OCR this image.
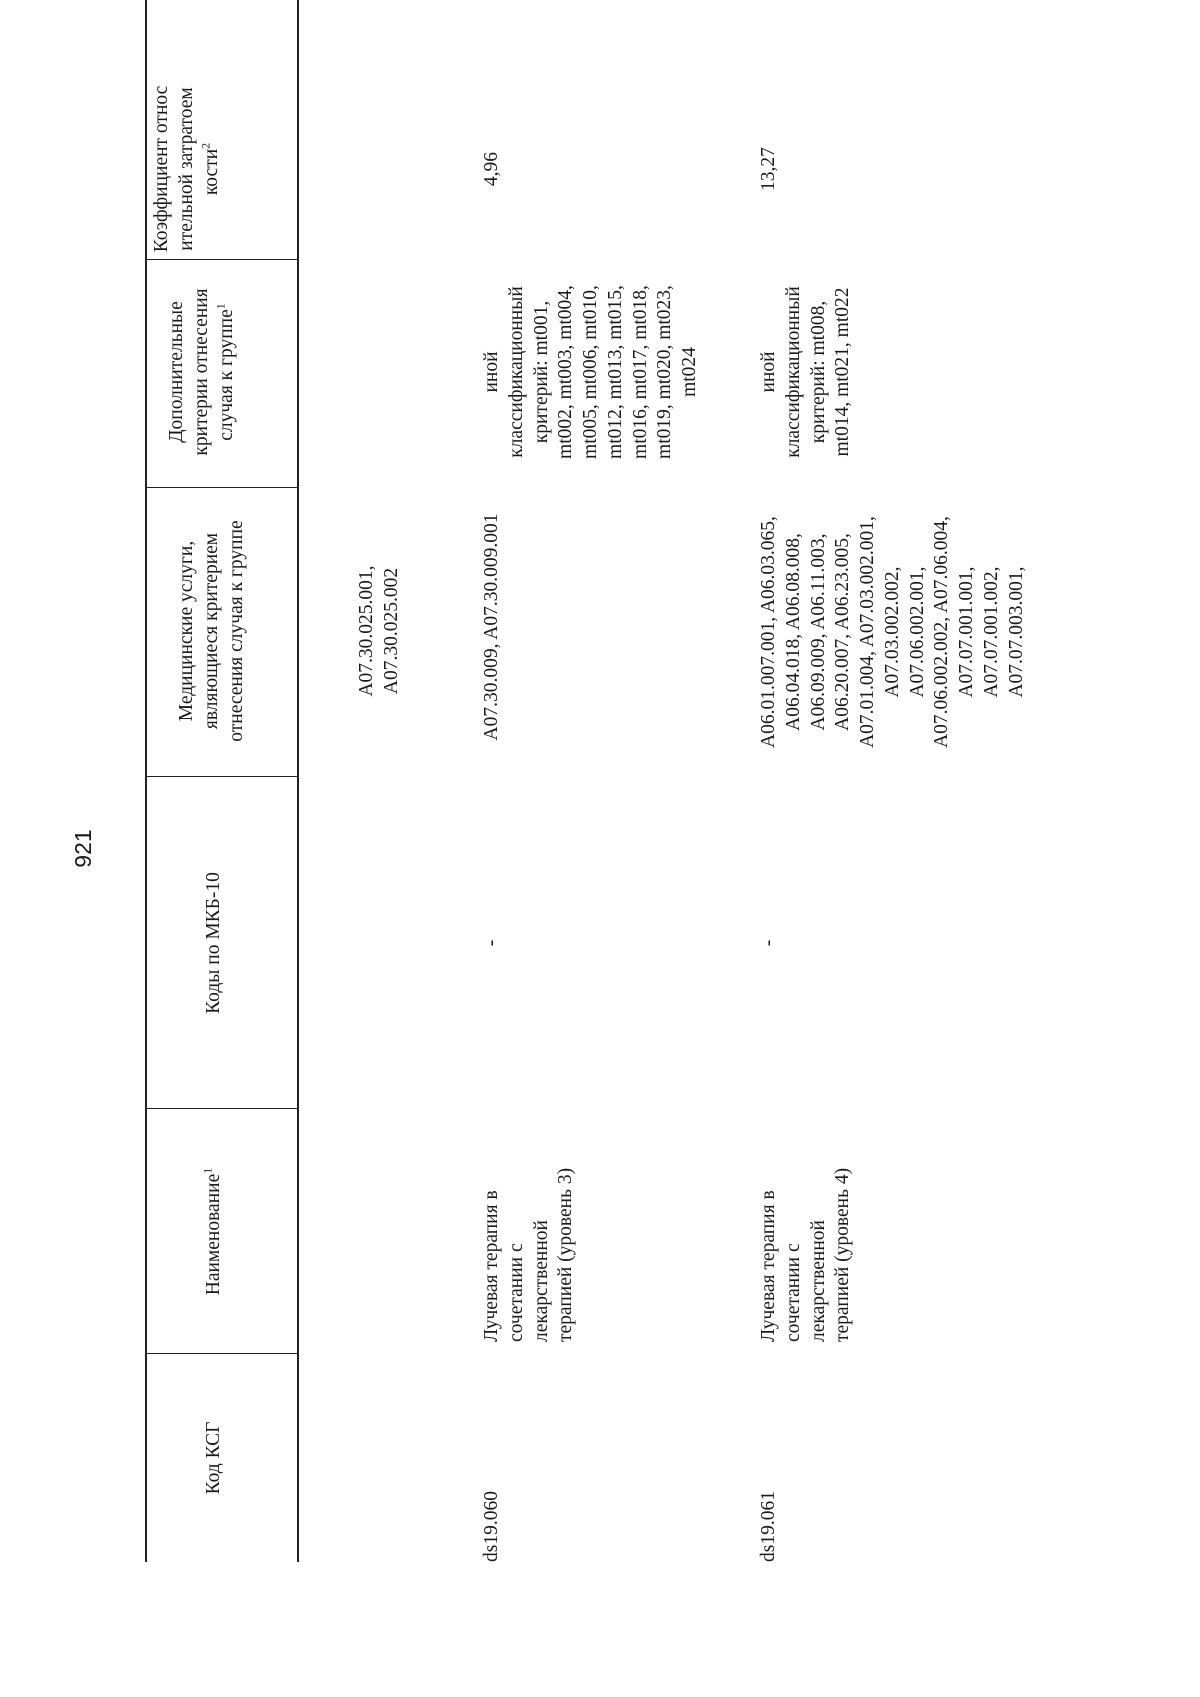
921
Код КСГ
Наименование$^1$
Коды по МКБ-10
Медицинские услуги, являющиеся критерием отнесения случая к группе
Дополнительные критерии отнесения случая к группе$^1$
Коэффициент относительной затратоемкости$^2$
A07.30.025.001,
A07.30.025.002
ds19.060
Лучевая терапия в
сочетании с
лекарственной
терапией (уровень 3)
-
A07.30.009, A07.30.009.001
иной
классификационный
критерий: mt001,
mt002, mt003, mt004,
mt005, mt006, mt010,
mt012, mt013, mt015,
mt016, mt017, mt018,
mt019, mt020, mt023,
mt024
4,96
ds19.061
Лучевая терапия в
сочетании с
лекарственной
терапией (уровень 4)
-
A06.01.007.001, A06.03.065,
A06.04.018, A06.08.008,
A06.09.009, A06.11.003,
A06.20.007, A06.23.005,
A07.01.004, A07.03.002.001,
A07.03.002.002,
A07.06.002.001,
A07.06.002.002, A07.06.004,
A07.07.001.001,
A07.07.001.002,
A07.07.003.001,
иной
классификационный
критерий: mt008,
mt014, mt021, mt022
13,27
